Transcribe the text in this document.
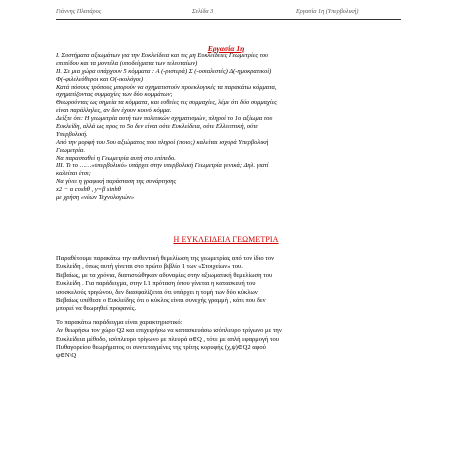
Γιάννης Πλατάρος	Σελίδα 3	Εργασία 1η (Υπερβολική)
Εργασία 1η
Ι. Συστήματα αξιωμάτων για την Ευκλείδεια και τις μη Ευκλείδειες Γεωμετρίες του
επιπέδου και τα μοντέλα (υποδείγματα των τελευταίων)
ΙΙ. Σε μια χώρα υπάρχουν 5 κόμματα : Α (-ριστερά) Σ (-οσιαλιστές) Δ(-ημοκρατικοί)
Φ(-φιλελεύθεροι και Ο(-ικολόγοι)
Κατά πόσους τρόπους μπορούν να σχηματιστούν προεκλογικές τα παρακάτω κόμματα,
σχηματίζοντας συμμαχίες των δύο κομμάτων;
Θεωρούντας ως σημεία τα κόμματα, και ευθείες τις συμμαχίες, λέμε ότι δύο συμμαχίες
είναι παράλληλες, αν δεν έχουν κοινό κόμμα.
Δείξτε ότι: Η γεωμετρία αυτή των πολιτικών σχηματισμών, πληροί το 1ο αξίωμα του
Ευκλείδη, αλλά ως προς το 5ο δεν είναι ούτε Ευκλείδεια, ούτε Ελλειπτική, ούτε
Υπερβολική.
Από την μορφή του 5ου αξιώματος που πληροί (ποιο;) καλείται ισχυρά Υπερβολική
Γεωμετρία.
Να παρασταθεί η Γεωμετρία αυτή στο επίπεδο.
ΙΙΙ. Τι το ……«υπερβολικό» υπάρχει στην υπερβολική Γεωμετρία γενικά; Δηλ. γιατί
καλείται έτσι;
Να γίνει η γραφική παράσταση της συνάρτησης
x2 − α coshθ , y=β sinhθ
με χρήση «νέων Τεχνολογιών»
Η ΕΥΚΛΕΙΔΕΙΑ ΓΕΩΜΕΤΡΙΑ
Παραθέτουμε παρακάτω την αυθεντική θεμελίωση της γεωμετρίας από τον ίδιο τον
Ευκλείδη , όπως αυτή γίνεται στο πρώτο βιβλίο 1 των «Στοιχείων» του.
Βεβαίως, με τα χρόνια, διαπιστώθηκαν αδυναμίες στην αξιωματική θεμελίωση του
Ευκλείδη . Για παράδειγμα, στην Ι.1 πρόταση όπου γίνεται η κατασκευή του
ισοσκελούς τριγώνου, δεν διασφαλίζεται ότι υπάρχει η τομή των δύο κύκλων
Βεβαίως υπέθεσε ο Ευκλείδης ότι ο κύκλος είναι συνεχής γραμμή , κάτι που δεν
μπορεί να θεωρηθεί προφανές.
Το παρακάτω παράδειγμα είναι χαρακτηριστικό:
Αν θεωρήσω τον χώρο Q2 και επιχειρήσω να κατασκευάσω ισόπλευρο τρίγωνο με την
Ευκλείδεια μέθοδο, ισόπλευρο τρίγωνο με πλευρά α∈Q , τότε με απλή εφαρμογή του
Πυθαγορείου θεωρήματος οι συντεταγμένες της τρίτης κορυφής (χ,ψ)∈Q2 αφού
ψ∈N\Q
